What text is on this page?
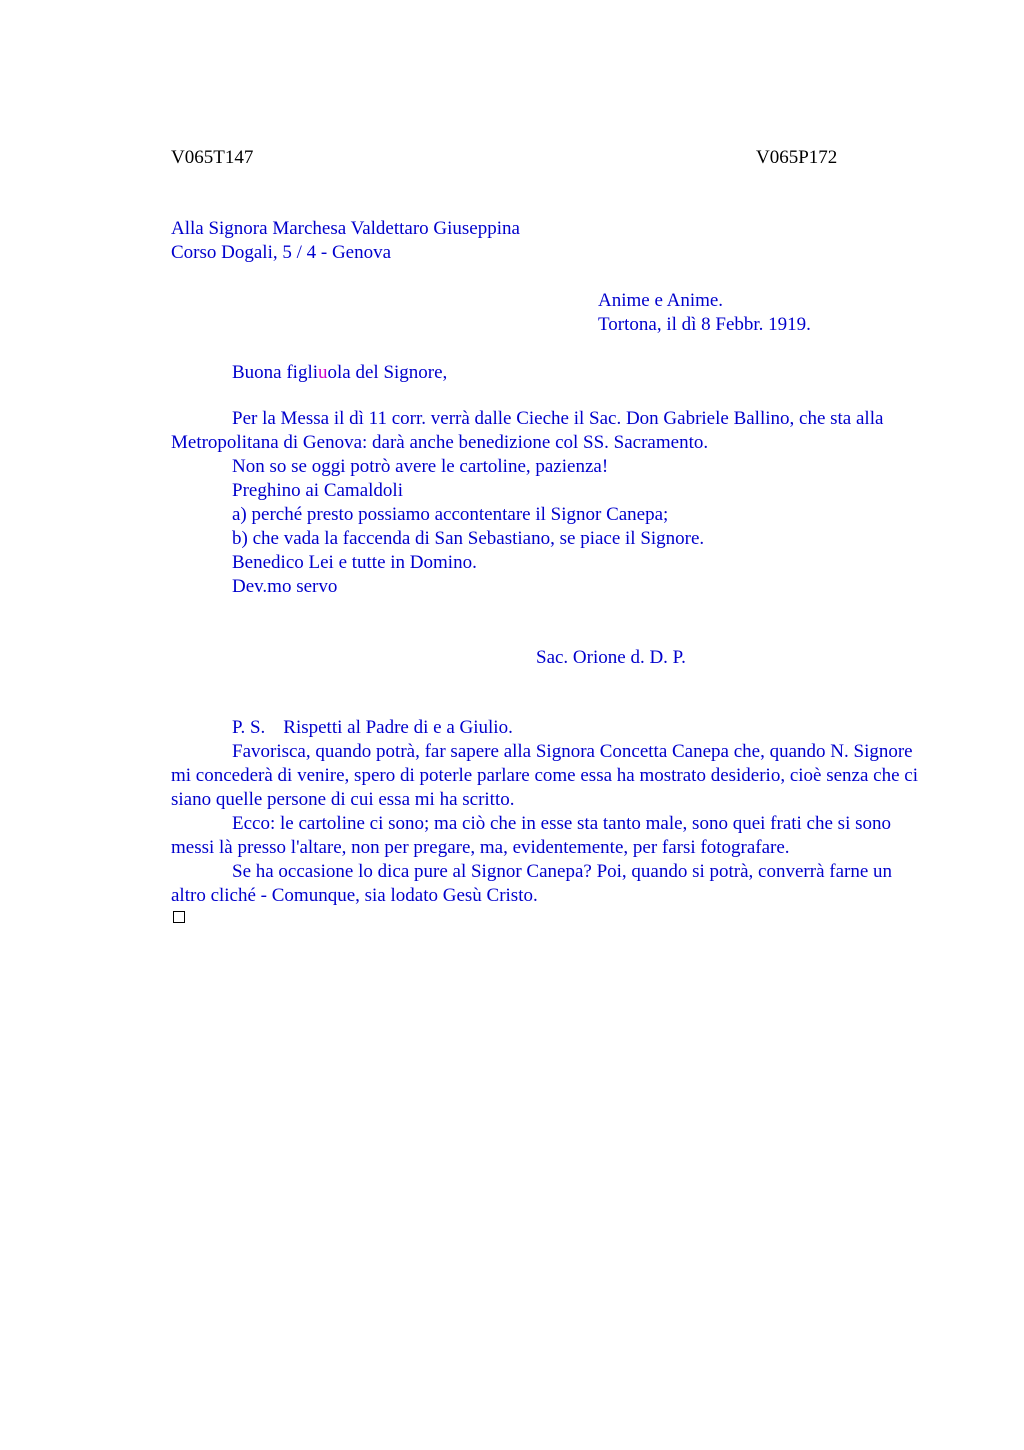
V065T147	V065P172
Alla Signora Marchesa Valdettaro Giuseppina
Corso Dogali, 5 / 4 - Genova
Anime e Anime.
Tortona, il dì 8 Febbr. 1919.
Buona figliuola del Signore,

Per la Messa il dì 11 corr. verrà dalle Cieche il Sac. Don Gabriele Ballino, che sta alla Metropolitana di Genova: darà anche benedizione col SS. Sacramento.

Non so se oggi potrò avere le cartoline, pazienza!

Preghino ai Camaldoli

a) perché presto possiamo accontentare il Signor Canepa;

b) che vada la faccenda di San Sebastiano, se piace il Signore.

Benedico Lei e tutte in Domino.

Dev.mo servo

Sac. Orione d. D. P.

P. S. Rispetti al Padre di e a Giulio.

Favorisca, quando potrà, far sapere alla Signora Concetta Canepa che, quando N. Signore mi concederà di venire, spero di poterle parlare come essa ha mostrato desiderio, cioè senza che ci siano quelle persone di cui essa mi ha scritto.

Ecco: le cartoline ci sono; ma ciò che in esse sta tanto male, sono quei frati che si sono messi là presso l'altare, non per pregare, ma, evidentemente, per farsi fotografare.

Se ha occasione lo dica pure al Signor Canepa? Poi, quando si potrà, converrà farne un altro cliché - Comunque, sia lodato Gesù Cristo.
